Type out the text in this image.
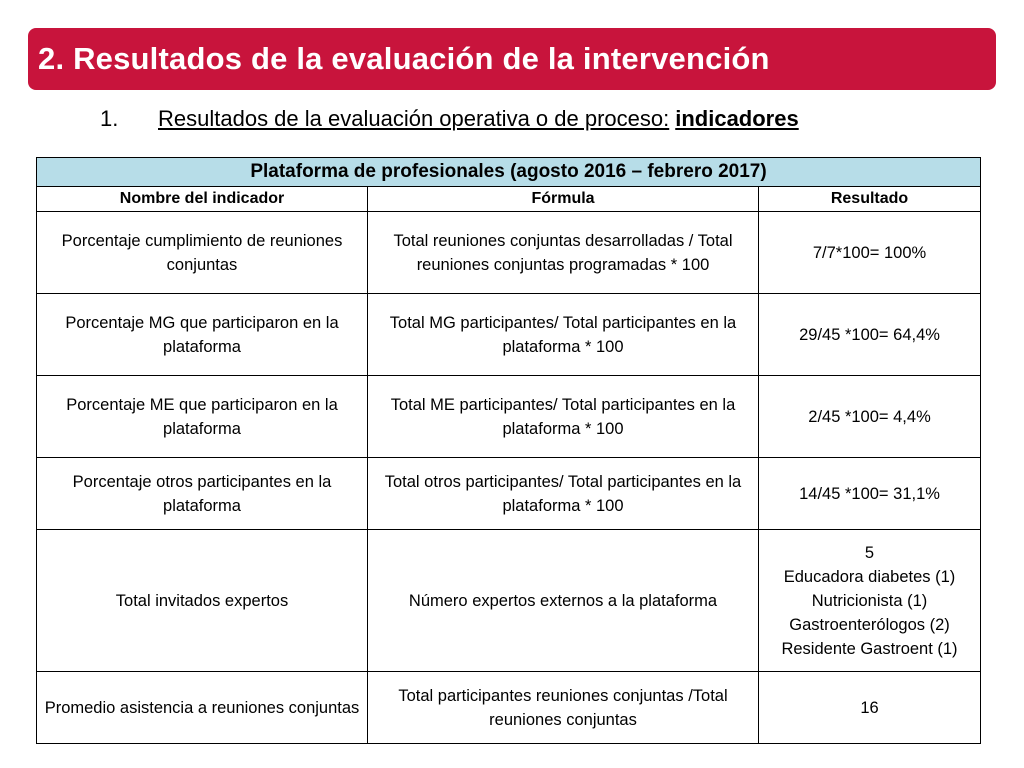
2. Resultados de la evaluación de la intervención
1.	Resultados de la evaluación operativa o de proceso: indicadores
Plataforma de profesionales (agosto 2016 – febrero 2017)		
Nombre del indicador	Fórmula	Resultado
Porcentaje cumplimiento de reuniones conjuntas	Total reuniones conjuntas desarrolladas / Total reuniones conjuntas programadas * 100	7/7*100= 100%
Porcentaje MG que participaron en la plataforma	Total MG participantes/ Total participantes en la plataforma * 100	29/45 *100= 64,4%
Porcentaje ME que participaron en la plataforma	Total ME participantes/ Total participantes en la plataforma * 100	2/45 *100= 4,4%
Porcentaje otros participantes en la plataforma	Total otros participantes/ Total participantes en la plataforma * 100	14/45 *100= 31,1%
Total invitados expertos	Número expertos externos a la plataforma	5
Educadora diabetes (1)
Nutricionista (1)
Gastroenterólogos (2)
Residente Gastroent (1)

Promedio asistencia a reuniones conjuntas	Total participantes reuniones conjuntas /Total reuniones conjuntas	16
